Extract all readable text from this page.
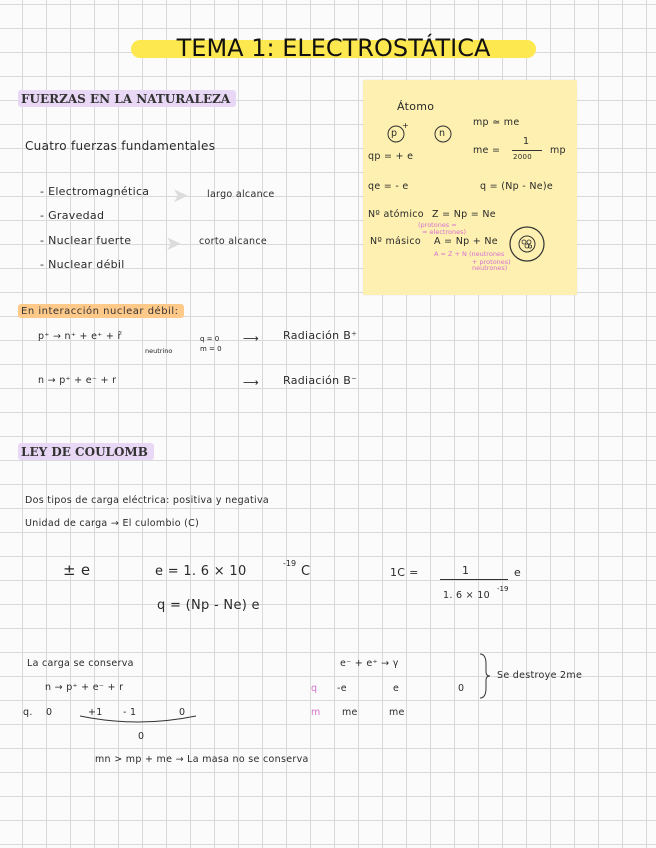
TEMA 1: ELECTROSTÁTICA
FUERZAS EN LA NATURALEZA
Cuatro fuerzas fundamentales
- Electromagnética
- Gravedad
- Nuclear fuerte
- Nuclear débil
➤ largo alcance
➤ corto alcance
Átomo
p
+
n
qp = + e
qe = - e
mp ≃ me
me =
1
2000
mp
q = (Np - Ne)e
Nº atómico Z = Np = Ne
(protones =
= electrones)
Nº másico A = Np + Ne
A = Z + N (neutrones
+ protones)
neutrones)
En interacción nuclear débil:
p⁺ → n⁺ + e⁺ + r̃
neutrino
q = 0
m = 0
⟶ Radiación B⁺
n → p⁺ + e⁻ + r	⟶ Radiación B⁻
LEY DE COULOMB
Dos tipos de carga eléctrica: positiva y negativa
Unidad de carga → El culombio (C)
± e	e = 1. 6 × 10
-19
C	1C =	1
1. 6 × 10
-19
e
q = (Np - Ne) e
La carga se conserva
n → p⁺ + e⁻ + r
q. 0	+1 - 1	0
0
mn > mp + me → La masa no se conserva
e⁻ + e⁺ → γ
q -e	e	0
m me	me
Se destroye 2me
